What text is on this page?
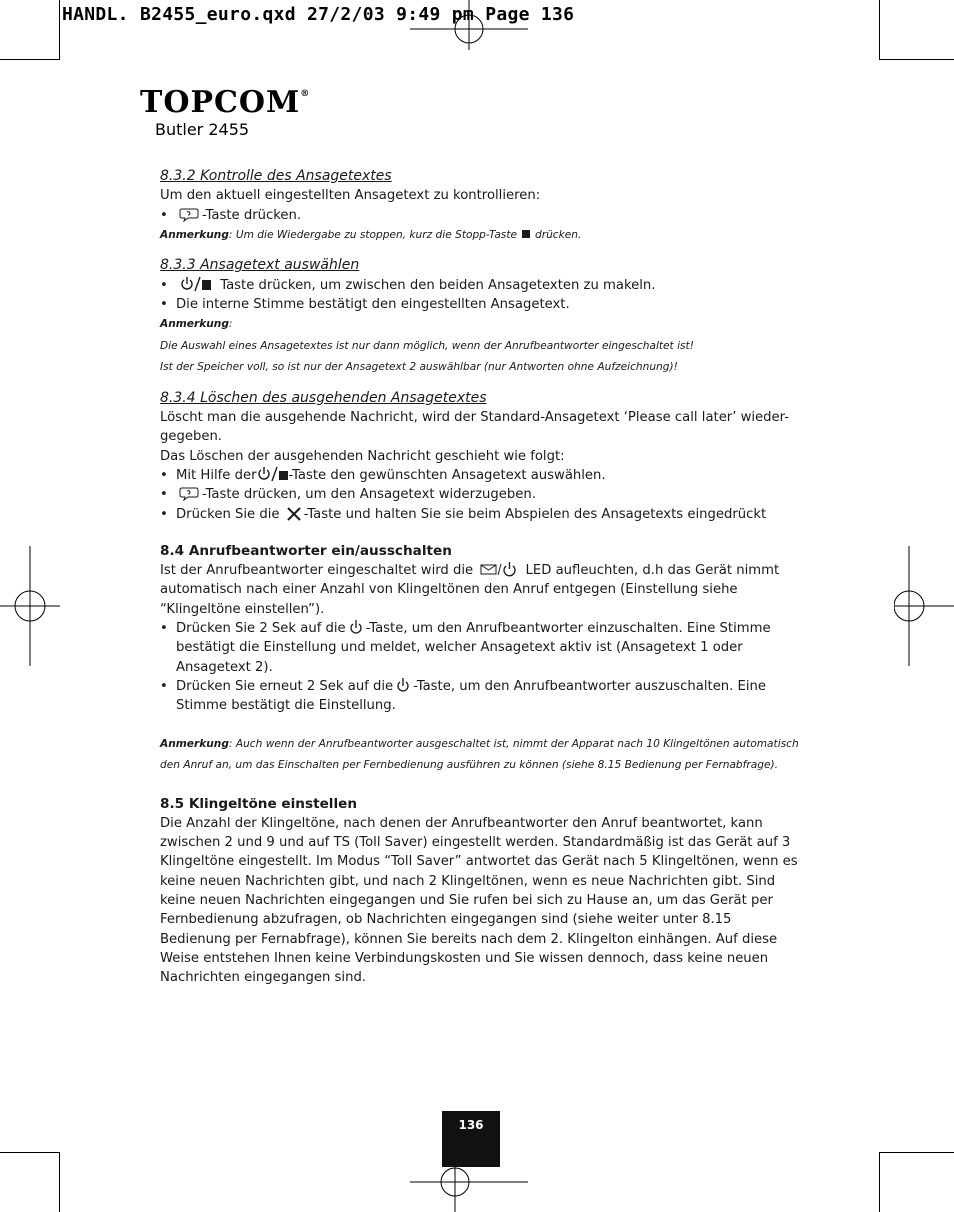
HANDL. B2455_euro.qxd 27/2/03 9:49 pm Page 136
TOPCOM®
Butler 2455

8.3.2 Kontrolle des Ansagetextes

Um den aktuell eingestellten Ansagetext zu kontrollieren:

• -Taste drücken.

Anmerkung: Um die Wiedergabe zu stoppen, kurz die Stopp-Taste drücken.

8.3.3 Ansagetext auswählen

• Taste drücken, um zwischen den beiden Ansagetexten zu makeln.
• Die interne Stimme bestätigt den eingestellten Ansagetext.

Anmerkung:

Die Auswahl eines Ansagetextes ist nur dann möglich, wenn der Anrufbeantworter eingeschaltet ist!

Ist der Speicher voll, so ist nur der Ansagetext 2 auswählbar (nur Antworten ohne Aufzeichnung)!

8.3.4 Löschen des ausgehenden Ansagetextes

Löscht man die ausgehende Nachricht, wird der Standard-Ansagetext ‘Please call later’ wieder-gegeben.

Das Löschen der ausgehenden Nachricht geschieht wie folgt:

• Mit Hilfe der -Taste den gewünschten Ansagetext auswählen.
• -Taste drücken, um den Ansagetext widerzugeben.
• Drücken Sie die -Taste und halten Sie sie beim Abspielen des Ansagetexts eingedrückt

8.4 Anrufbeantworter ein/ausschalten

Ist der Anrufbeantworter eingeschaltet wird die	LED aufleuchten, d.h das Gerät nimmt automatisch nach einer Anzahl von Klingeltönen den Anruf entgegen (Einstellung siehe “Klingeltöne einstellen”).

• Drücken Sie 2 Sek auf die -Taste, um den Anrufbeantworter einzuschalten. Eine Stimme bestätigt die Einstellung und meldet, welcher Ansagetext aktiv ist (Ansagetext 1 oder Ansagetext 2).
• Drücken Sie erneut 2 Sek auf die -Taste, um den Anrufbeantworter auszuschalten. Eine Stimme bestätigt die Einstellung.

Anmerkung: Auch wenn der Anrufbeantworter ausgeschaltet ist, nimmt der Apparat nach 10 Klingeltönen automatisch den Anruf an, um das Einschalten per Fernbedienung ausführen zu können (siehe 8.15 Bedienung per Fernabfrage).

8.5 Klingeltöne einstellen

Die Anzahl der Klingeltöne, nach denen der Anrufbeantworter den Anruf beantwortet, kann zwischen 2 und 9 und auf TS (Toll Saver) eingestellt werden. Standardmäßig ist das Gerät auf 3 Klingeltöne eingestellt. Im Modus “Toll Saver” antwortet das Gerät nach 5 Klingeltönen, wenn es keine neuen Nachrichten gibt, und nach 2 Klingeltönen, wenn es neue Nachrichten gibt. Sind keine neuen Nachrichten eingegangen und Sie rufen bei sich zu Hause an, um das Gerät per Fernbedienung abzufragen, ob Nachrichten eingegangen sind (siehe weiter unter 8.15 Bedienung per Fernabfrage), können Sie bereits nach dem 2. Klingelton einhängen. Auf diese Weise entstehen Ihnen keine Verbindungskosten und Sie wissen dennoch, dass keine neuen Nachrichten eingegangen sind.

136
